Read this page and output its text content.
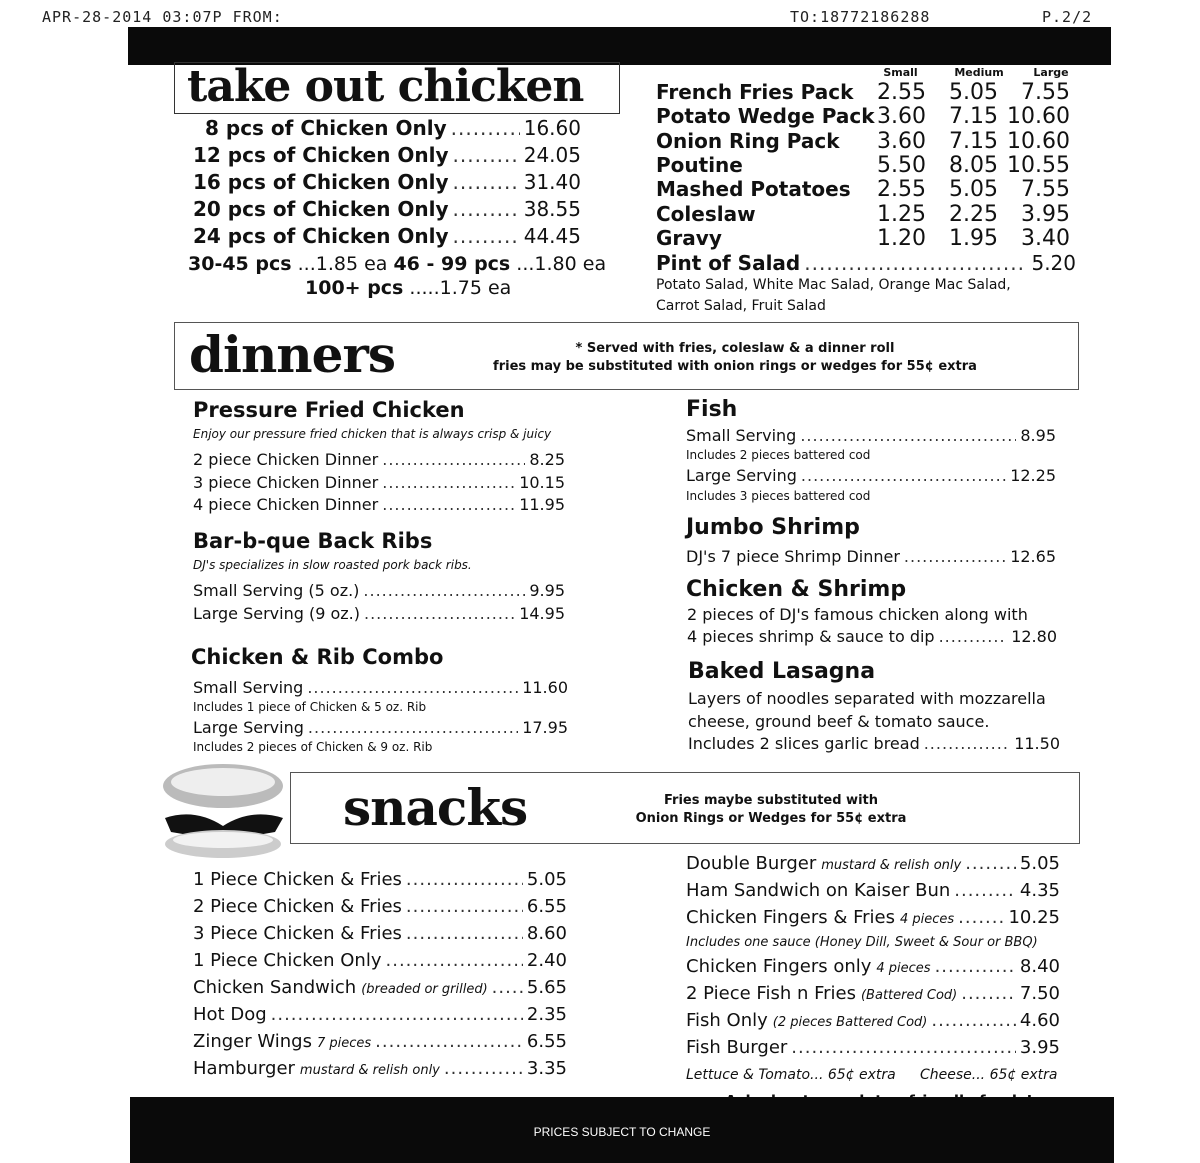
APR-28-2014 03:07P FROM:	TO:18772186288	P.2/2
take out chicken
8 pcs of Chicken Only .....	16.60
12 pcs of Chicken Only .....	24.05
16 pcs of Chicken Only .....	31.40
20 pcs of Chicken Only .....	38.55
24 pcs of Chicken Only .....	44.45
30-45 pcs ...1.85 ea 46 - 99 pcs ...1.80 ea
100+ pcs .....1.75 ea
Small	Medium	Large
French Fries Pack	2.55	5.05	7.55
Potato Wedge Pack 3.60	7.15 10.60
Onion Ring Pack	3.60	7.15 10.60
Poutine	5.50	8.05 10.55
Mashed Potatoes	2.55	5.05	7.55
Coleslaw	1.25	2.25	3.95
Gravy	1.20	1.95	3.40
Pint of Salad .....	5.20
Potato Salad, White Mac Salad, Orange Mac Salad,
Carrot Salad, Fruit Salad
dinners	* Served with fries, coleslaw & a dinner roll
fries may be substituted with onion rings or wedges for 55¢ extra
Pressure Fried Chicken
Enjoy our pressure fried chicken that is always crisp & juicy
2 piece Chicken Dinner .....	8.25
3 piece Chicken Dinner .....	10.15
4 piece Chicken Dinner .....	11.95
Bar-b-que Back Ribs
DJ's specializes in slow roasted pork back ribs.
Small Serving (5 oz.) .....	9.95
Large Serving (9 oz.) .....	14.95
Chicken & Rib Combo
Small Serving .....	11.60
Includes 1 piece of Chicken & 5 oz. Rib
Large Serving .....	17.95
Includes 2 pieces of Chicken & 9 oz. Rib
Fish
Small Serving .....	8.95
Includes 2 pieces battered cod
Large Serving .....	12.25
Includes 3 pieces battered cod
Jumbo Shrimp
DJ's 7 piece Shrimp Dinner .....	12.65
Chicken & Shrimp
2 pieces of DJ's famous chicken along with
4 pieces shrimp & sauce to dip .....	12.80
Baked Lasagna
Layers of noodles separated with mozzarella
cheese, ground beef & tomato sauce.
Includes 2 slices garlic bread .....	11.50
snacks	Fries maybe substituted with
Onion Rings or Wedges for 55¢ extra
1 Piece Chicken & Fries .....	5.05
2 Piece Chicken & Fries .....	6.55
3 Piece Chicken & Fries .....	8.60
1 Piece Chicken Only .....	2.40
Chicken Sandwich (breaded or grilled) ..... 5.65
Hot Dog .....	2.35
Zinger Wings 7 pieces .....	6.55
Hamburger mustard & relish only .....	3.35
Double Burger mustard & relish only .....	5.05
Ham Sandwich on Kaiser Bun .....	4.35
Chicken Fingers & Fries 4 pieces .....	10.25
Chicken Fingers only 4 pieces .....	8.40
2 Piece Fish n Fries (Battered Cod) .....	7.50
Fish Only (2 pieces Battered Cod) .....	4.60
Fish Burger .....	3.95
Includes one sauce (Honey Dill, Sweet & Sour or BBQ)
Lettuce & Tomato... 65¢ extra Cheese... 65¢ extra
PRICES SUBJECT TO CHANGE
